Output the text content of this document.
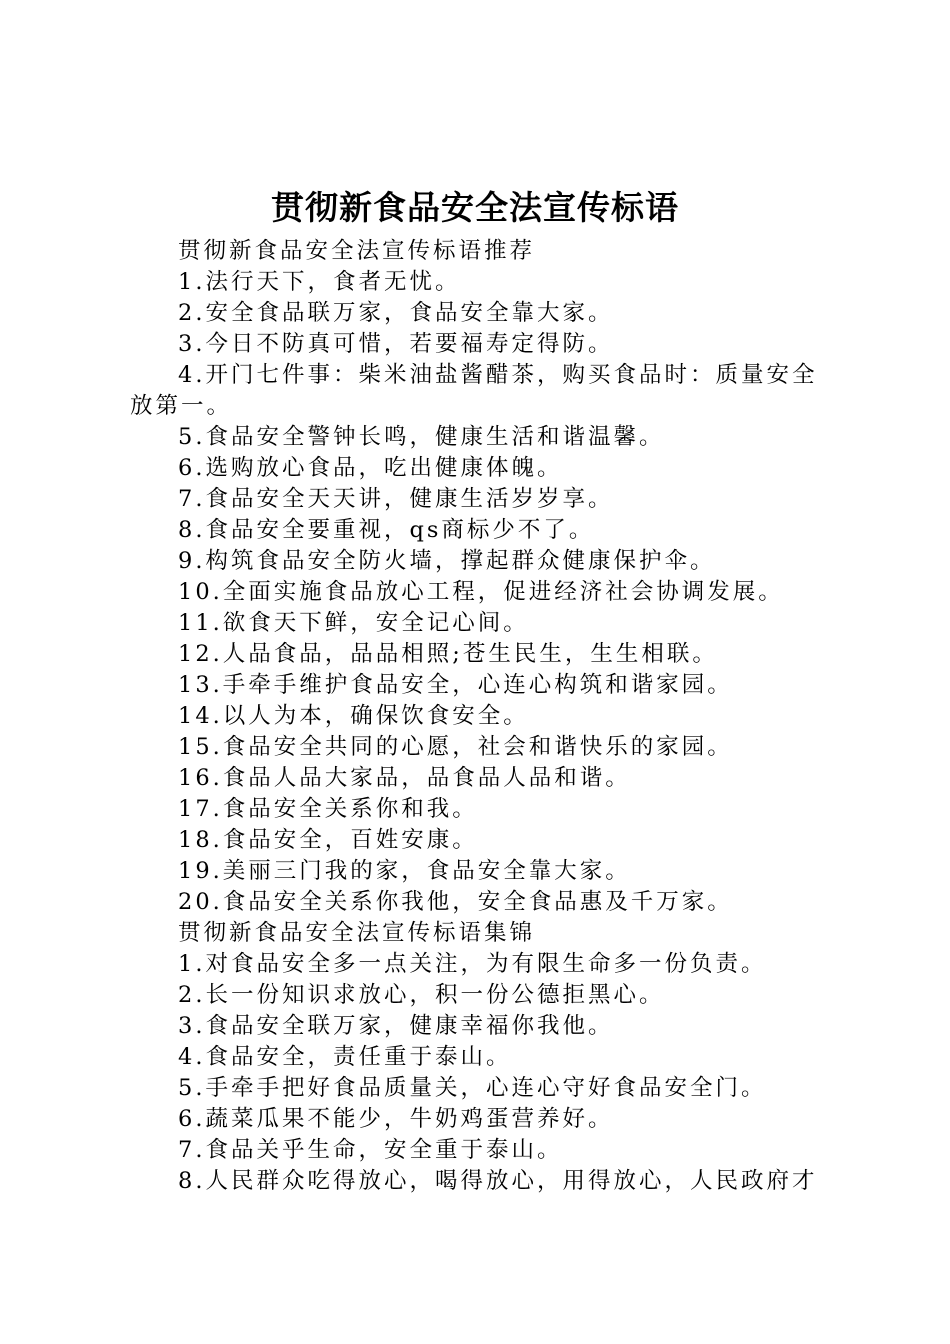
贯彻新食品安全法宣传标语
贯彻新食品安全法宣传标语推荐
1.法行天下，食者无忧。
2.安全食品联万家，食品安全靠大家。
3.今日不防真可惜，若要福寿定得防。
4.开门七件事：柴米油盐酱醋茶，购买食品时：质量安全放第一。
5.食品安全警钟长鸣，健康生活和谐温馨。
6.选购放心食品，吃出健康体魄。
7.食品安全天天讲，健康生活岁岁享。
8.食品安全要重视，qs商标少不了。
9.构筑食品安全防火墙，撑起群众健康保护伞。
10.全面实施食品放心工程，促进经济社会协调发展。
11.欲食天下鲜，安全记心间。
12.人品食品，品品相照;苍生民生，生生相联。
13.手牵手维护食品安全，心连心构筑和谐家园。
14.以人为本，确保饮食安全。
15.食品安全共同的心愿，社会和谐快乐的家园。
16.食品人品大家品，品食品人品和谐。
17.食品安全关系你和我。
18.食品安全，百姓安康。
19.美丽三门我的家，食品安全靠大家。
20.食品安全关系你我他，安全食品惠及千万家。
贯彻新食品安全法宣传标语集锦
1.对食品安全多一点关注，为有限生命多一份负责。
2.长一份知识求放心，积一份公德拒黑心。
3.食品安全联万家，健康幸福你我他。
4.食品安全，责任重于泰山。
5.手牵手把好食品质量关，心连心守好食品安全门。
6.蔬菜瓜果不能少，牛奶鸡蛋营养好。
7.食品关乎生命，安全重于泰山。
8.人民群众吃得放心，喝得放心，用得放心，人民政府才
